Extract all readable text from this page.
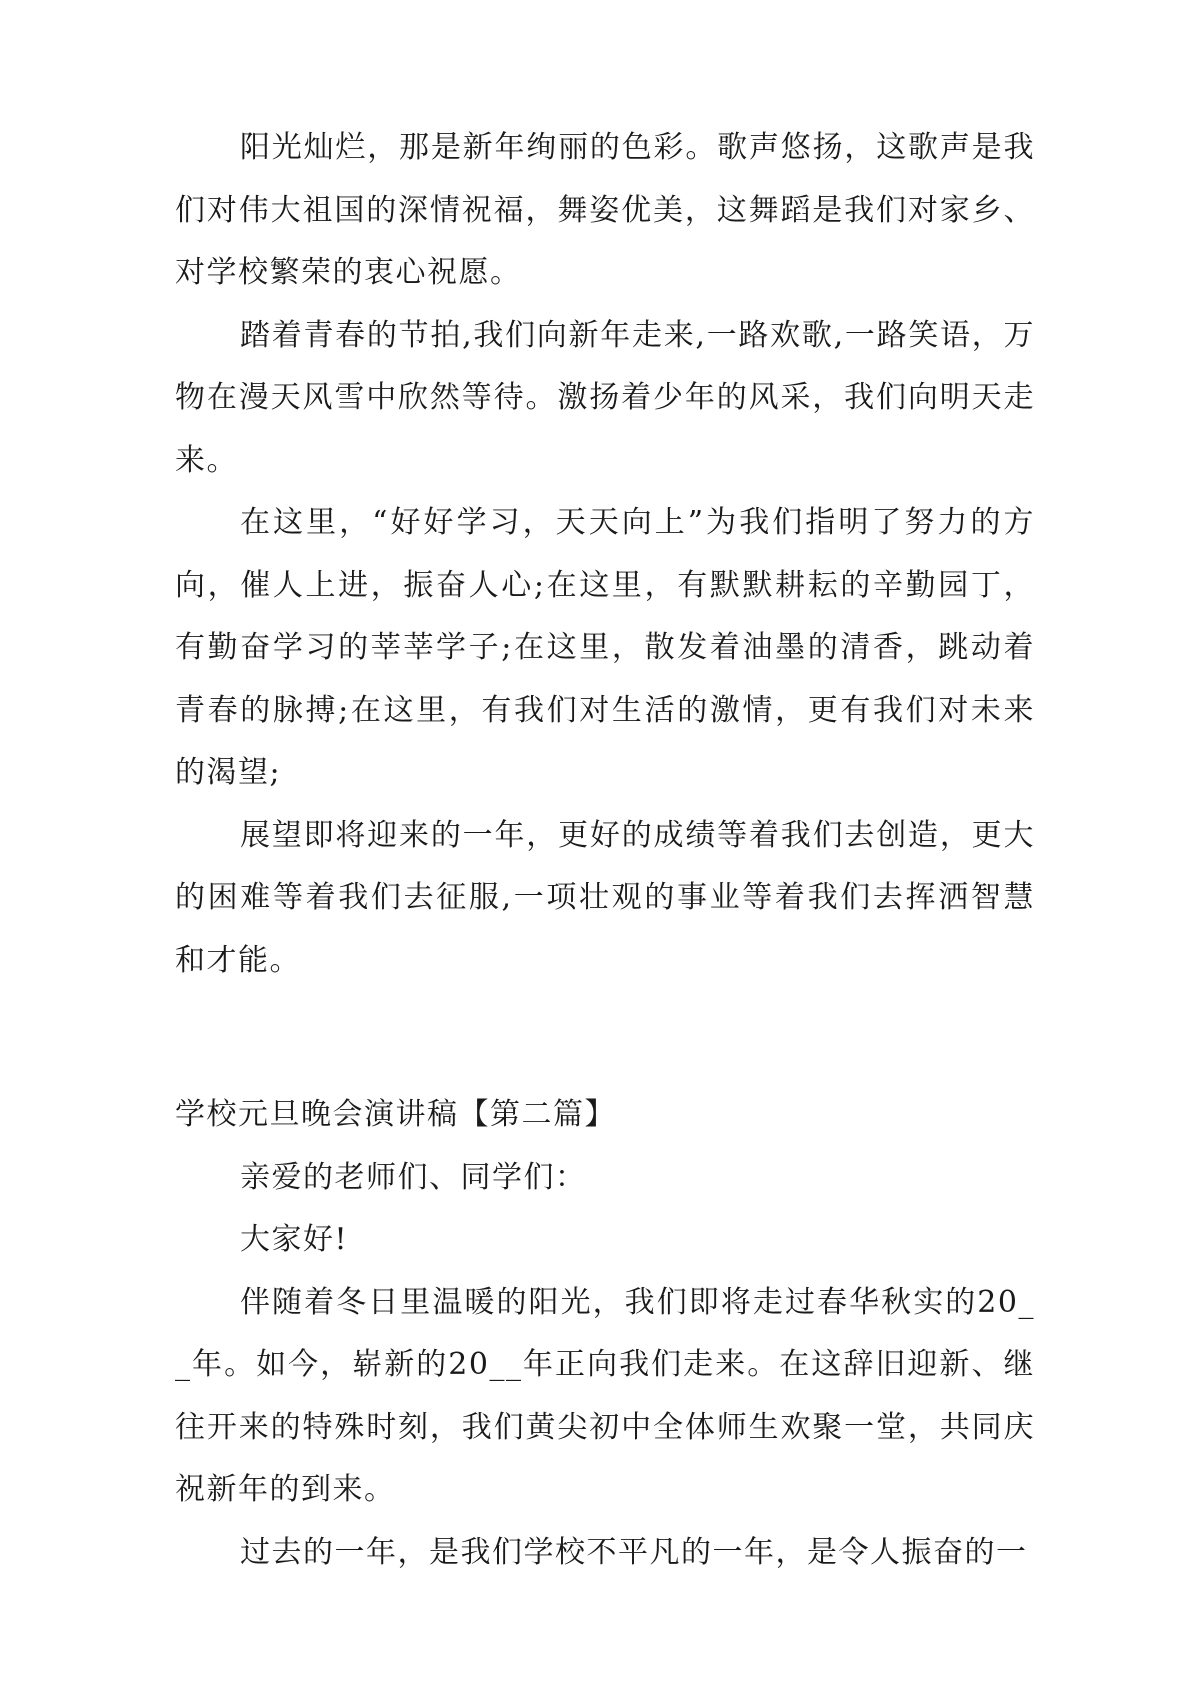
阳光灿烂，那是新年绚丽的色彩。歌声悠扬，这歌声是我们对伟大祖国的深情祝福，舞姿优美，这舞蹈是我们对家乡、对学校繁荣的衷心祝愿。

踏着青春的节拍,我们向新年走来,一路欢歌,一路笑语，万物在漫天风雪中欣然等待。激扬着少年的风采，我们向明天走来。

在这里，“好好学习，天天向上”为我们指明了努力的方向，催人上进，振奋人心;在这里，有默默耕耘的辛勤园丁，有勤奋学习的莘莘学子;在这里，散发着油墨的清香，跳动着青春的脉搏;在这里，有我们对生活的激情，更有我们对未来的渴望;

展望即将迎来的一年，更好的成绩等着我们去创造，更大的困难等着我们去征服,一项壮观的事业等着我们去挥洒智慧和才能。

学校元旦晚会演讲稿【第二篇】

亲爱的老师们、同学们：

大家好!

伴随着冬日里温暖的阳光，我们即将走过春华秋实的20__年。如今，崭新的20__年正向我们走来。在这辞旧迎新、继往开来的特殊时刻，我们黄尖初中全体师生欢聚一堂，共同庆祝新年的到来。

过去的一年，是我们学校不平凡的一年，是令人振奋的一
